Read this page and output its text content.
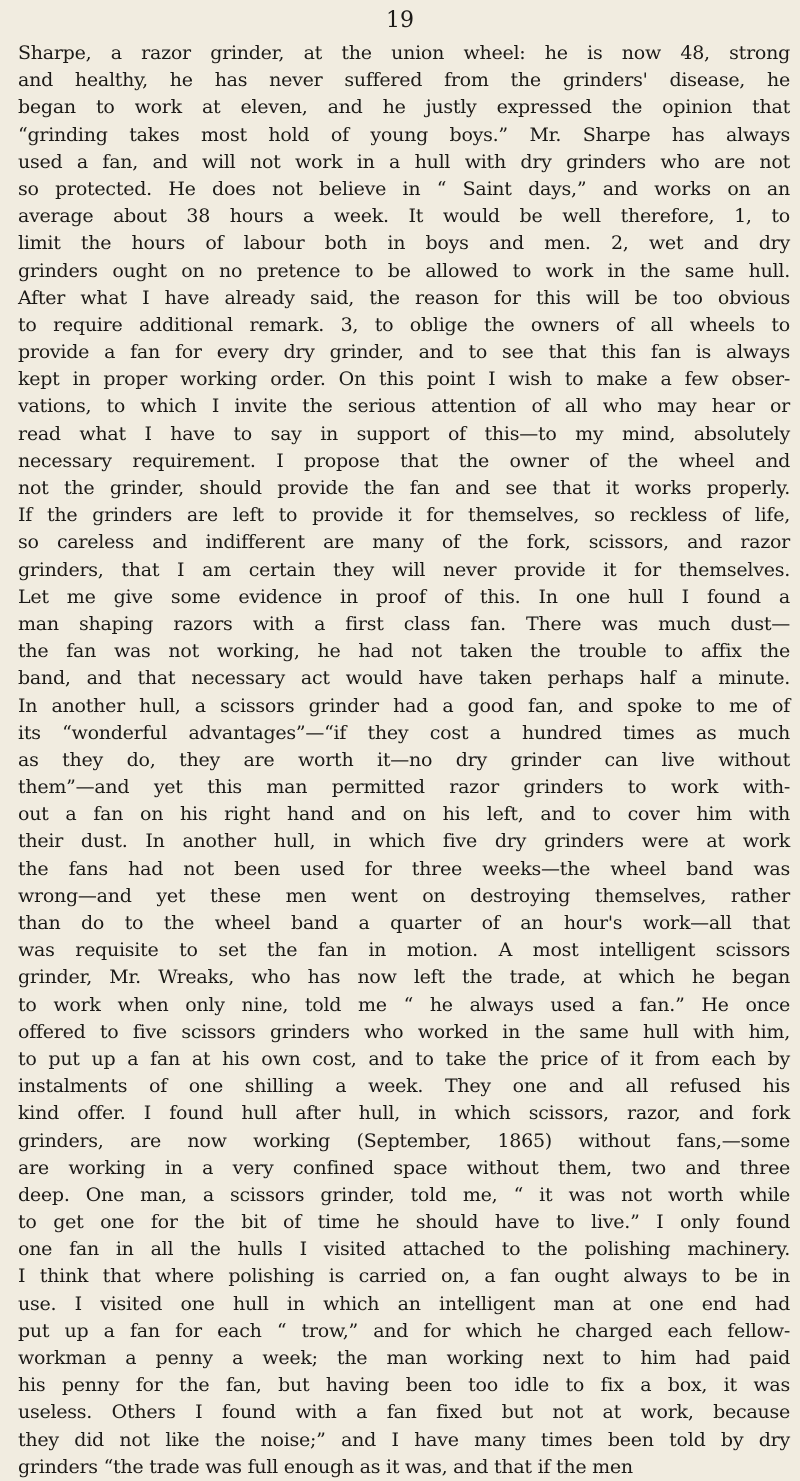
19
Sharpe, a razor grinder, at the union wheel: he is now 48, strong
and healthy, he has never suffered from the grinders' disease, he
began to work at eleven, and he justly expressed the opinion that
“grinding takes most hold of young boys.” Mr. Sharpe has always
used a fan, and will not work in a hull with dry grinders who are not
so protected. He does not believe in “ Saint days,” and works on an
average about 38 hours a week. It would be well therefore, 1, to
limit the hours of labour both in boys and men. 2, wet and dry
grinders ought on no pretence to be allowed to work in the same hull.
After what I have already said, the reason for this will be too obvious
to require additional remark. 3, to oblige the owners of all wheels to
provide a fan for every dry grinder, and to see that this fan is always
kept in proper working order. On this point I wish to make a few obser-
vations, to which I invite the serious attention of all who may hear or
read what I have to say in support of this—to my mind, absolutely
necessary requirement. I propose that the owner of the wheel and
not the grinder, should provide the fan and see that it works properly.
If the grinders are left to provide it for themselves, so reckless of life,
so careless and indifferent are many of the fork, scissors, and razor
grinders, that I am certain they will never provide it for themselves.
Let me give some evidence in proof of this. In one hull I found a
man shaping razors with a first class fan. There was much dust—
the fan was not working, he had not taken the trouble to affix the
band, and that necessary act would have taken perhaps half a minute.
In another hull, a scissors grinder had a good fan, and spoke to me of
its “wonderful advantages”—“if they cost a hundred times as much
as they do, they are worth it—no dry grinder can live without
them”—and yet this man permitted razor grinders to work with-
out a fan on his right hand and on his left, and to cover him with
their dust. In another hull, in which five dry grinders were at work
the fans had not been used for three weeks—the wheel band was
wrong—and yet these men went on destroying themselves, rather
than do to the wheel band a quarter of an hour's work—all that
was requisite to set the fan in motion. A most intelligent scissors
grinder, Mr. Wreaks, who has now left the trade, at which he began
to work when only nine, told me “ he always used a fan.” He once
offered to five scissors grinders who worked in the same hull with him,
to put up a fan at his own cost, and to take the price of it from each by
instalments of one shilling a week. They one and all refused his
kind offer. I found hull after hull, in which scissors, razor, and fork
grinders, are now working (September, 1865) without fans,—some
are working in a very confined space without them, two and three
deep. One man, a scissors grinder, told me, “ it was not worth while
to get one for the bit of time he should have to live.” I only found
one fan in all the hulls I visited attached to the polishing machinery.
I think that where polishing is carried on, a fan ought always to be in
use. I visited one hull in which an intelligent man at one end had
put up a fan for each “ trow,” and for which he charged each fellow-
workman a penny a week; the man working next to him had paid
his penny for the fan, but having been too idle to fix a box, it was
useless. Others I found with a fan fixed but not at work, because
they did not like the noise;” and I have many times been told by dry
grinders “the trade was full enough as it was, and that if the men
